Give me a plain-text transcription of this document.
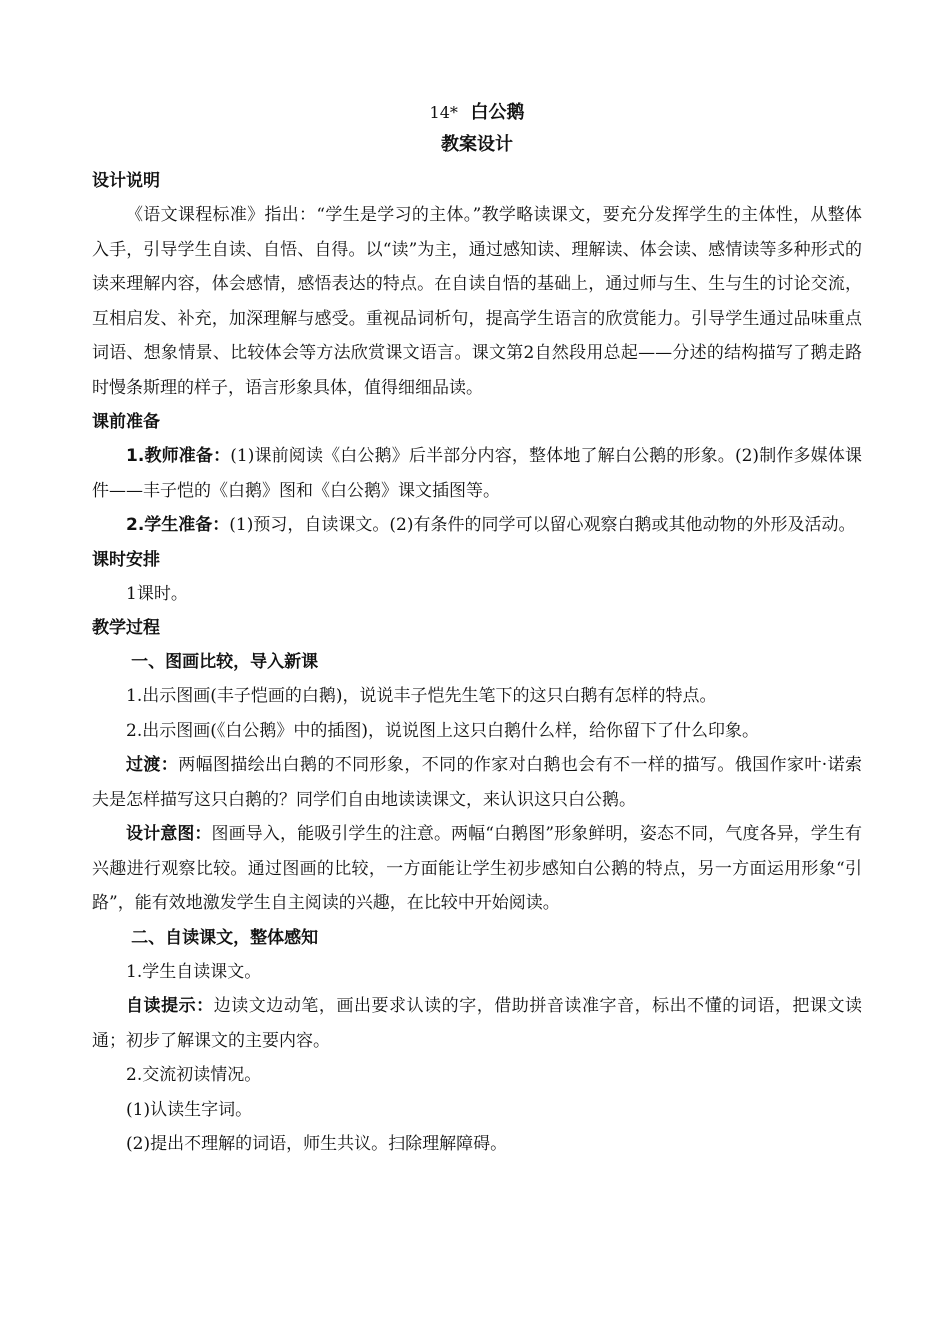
14* 白公鹅
教案设计
设计说明
《语文课程标准》指出：“学生是学习的主体。”教学略读课文，要充分发挥学生的主体性，从整体入手，引导学生自读、自悟、自得。以“读”为主，通过感知读、理解读、体会读、感情读等多种形式的读来理解内容，体会感情，感悟表达的特点。在自读自悟的基础上，通过师与生、生与生的讨论交流，互相启发、补充，加深理解与感受。重视品词析句，提高学生语言的欣赏能力。引导学生通过品味重点词语、想象情景、比较体会等方法欣赏课文语言。课文第2自然段用总起——分述的结构描写了鹅走路时慢条斯理的样子，语言形象具体，值得细细品读。
课前准备
1.教师准备：(1)课前阅读《白公鹅》后半部分内容，整体地了解白公鹅的形象。(2)制作多媒体课件——丰子恺的《白鹅》图和《白公鹅》课文插图等。
2.学生准备：(1)预习，自读课文。(2)有条件的同学可以留心观察白鹅或其他动物的外形及活动。
课时安排
1课时。
教学过程
一、图画比较，导入新课
1.出示图画(丰子恺画的白鹅)，说说丰子恺先生笔下的这只白鹅有怎样的特点。
2.出示图画(《白公鹅》中的插图)，说说图上这只白鹅什么样，给你留下了什么印象。
过渡：两幅图描绘出白鹅的不同形象，不同的作家对白鹅也会有不一样的描写。俄国作家叶·诺索夫是怎样描写这只白鹅的？同学们自由地读读课文，来认识这只白公鹅。
设计意图：图画导入，能吸引学生的注意。两幅“白鹅图”形象鲜明，姿态不同，气度各异，学生有兴趣进行观察比较。通过图画的比较，一方面能让学生初步感知白公鹅的特点，另一方面运用形象“引路”，能有效地激发学生自主阅读的兴趣，在比较中开始阅读。
二、自读课文，整体感知
1.学生自读课文。
自读提示：边读文边动笔，画出要求认读的字，借助拼音读准字音，标出不懂的词语，把课文读通；初步了解课文的主要内容。
2.交流初读情况。
(1)认读生字词。
(2)提出不理解的词语，师生共议。扫除理解障碍。
